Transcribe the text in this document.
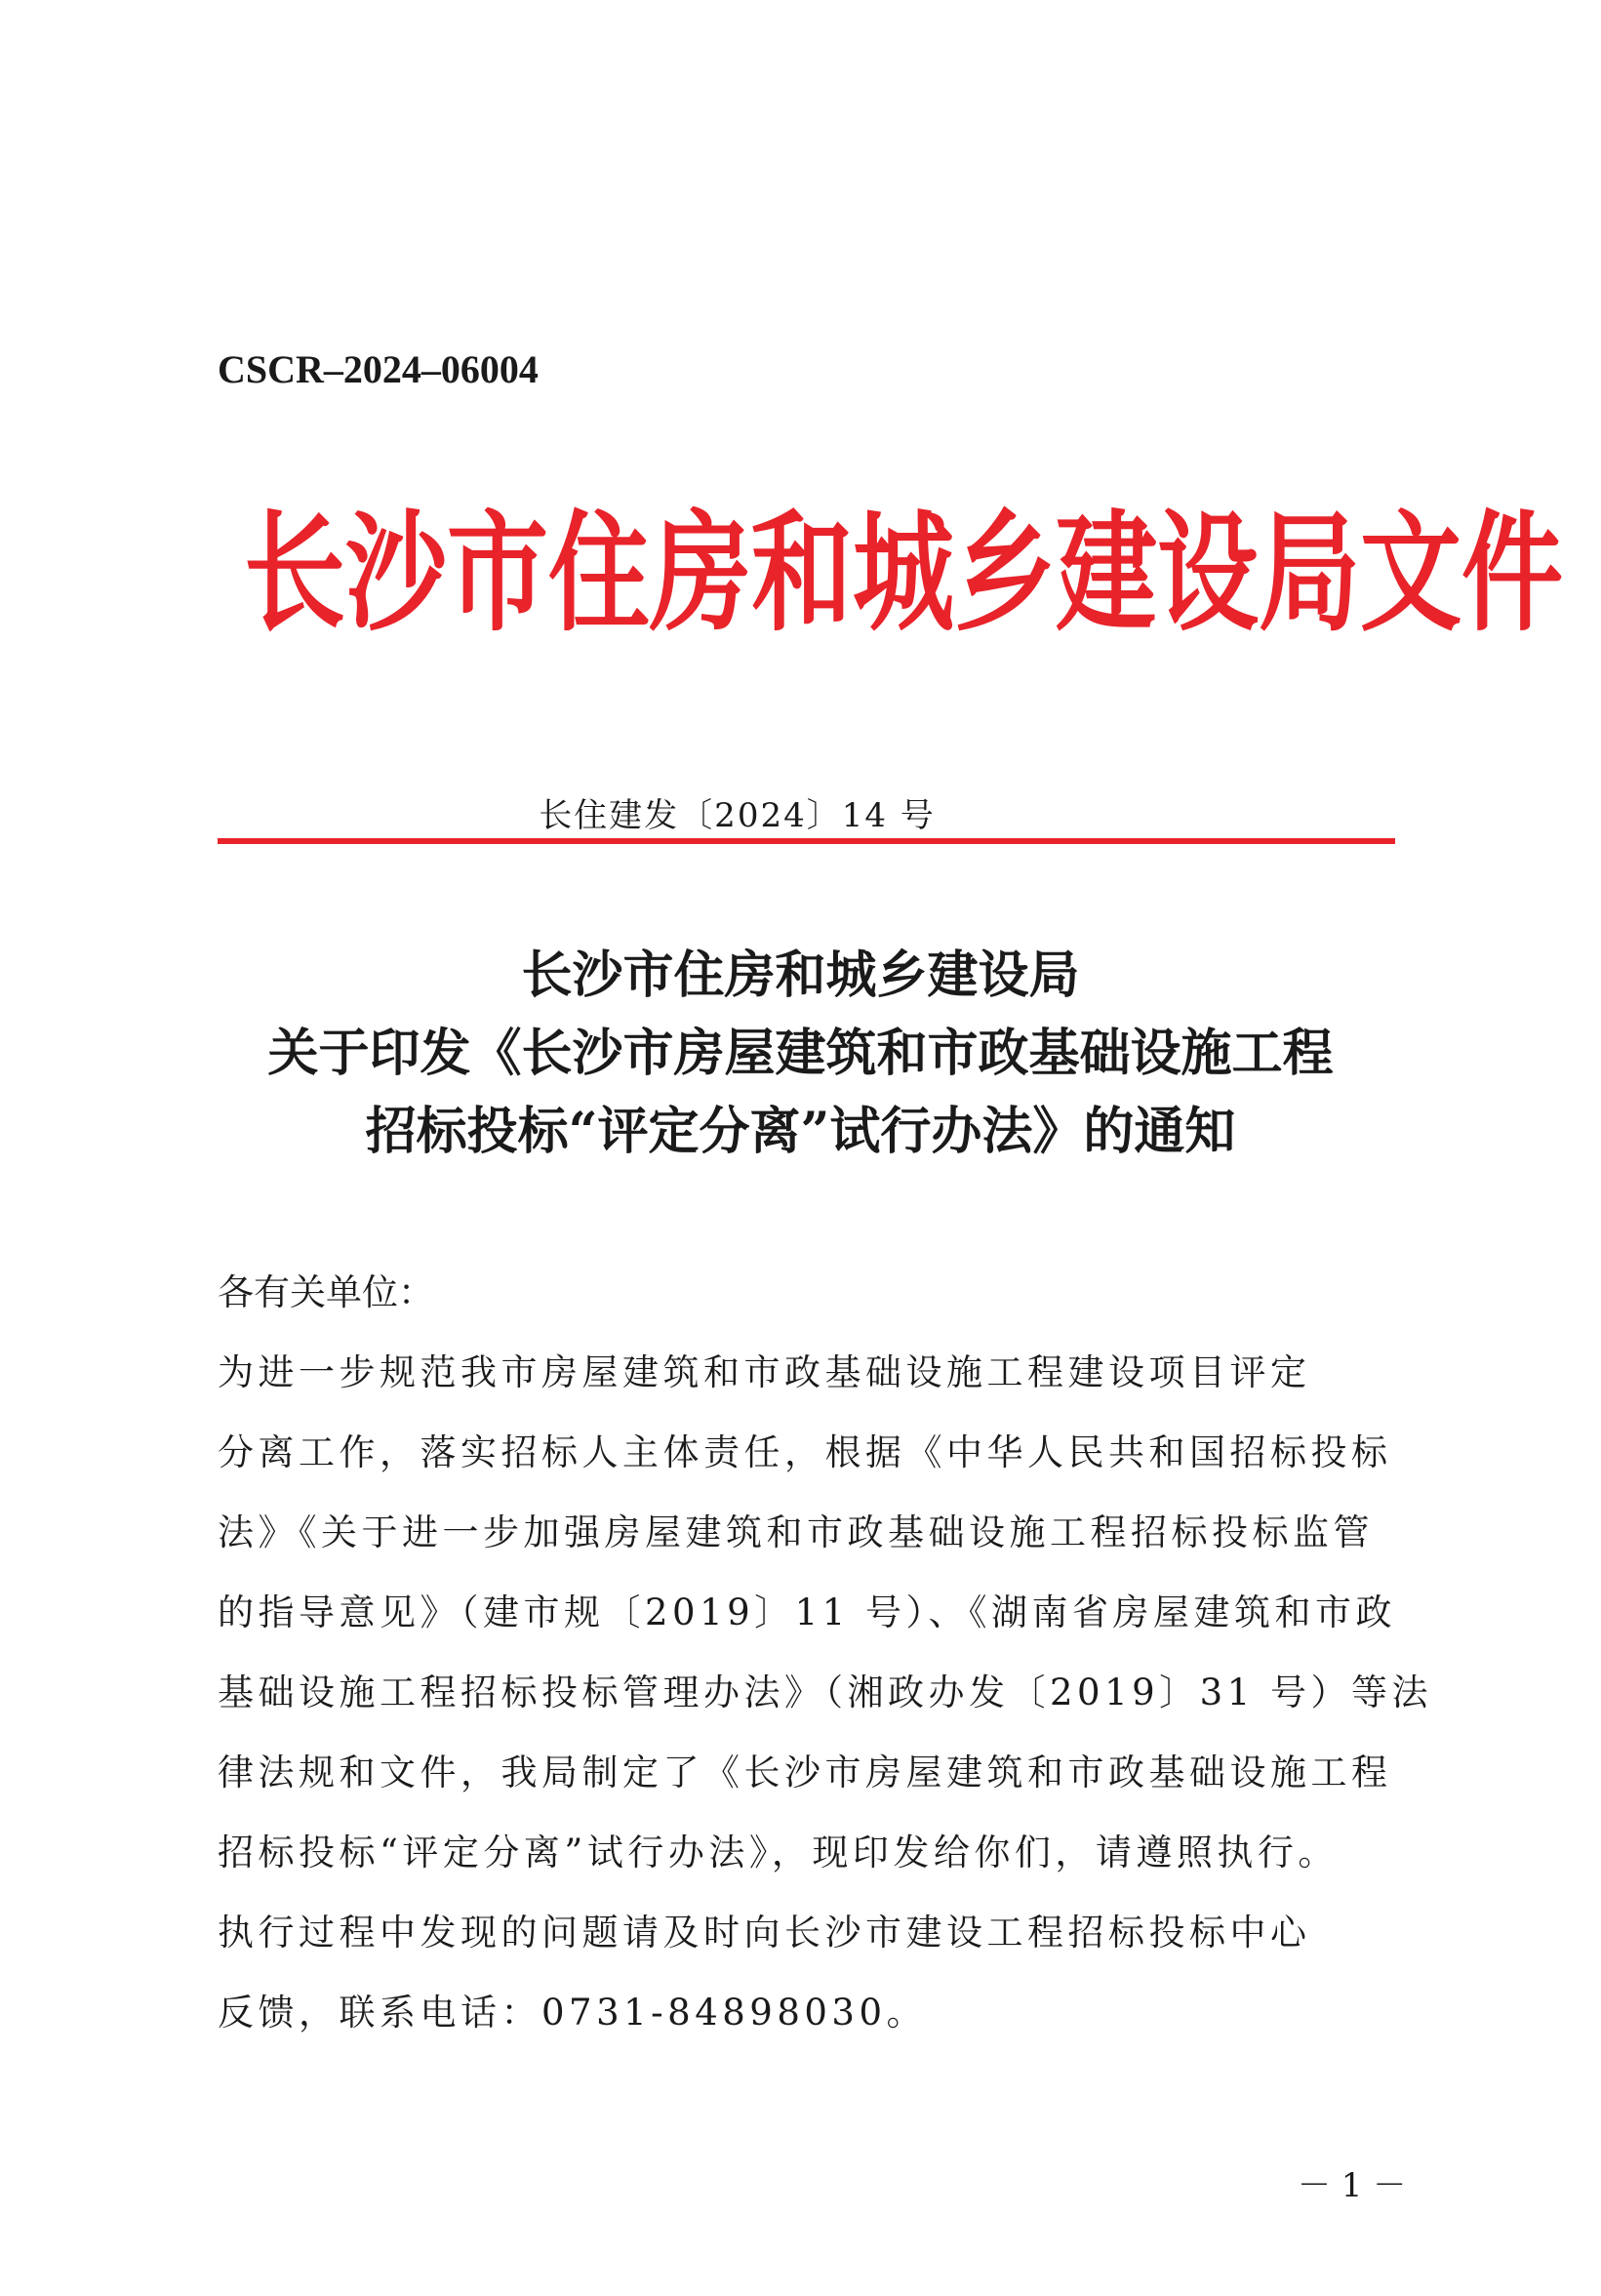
CSCR–2024–06004
长沙市住房和城乡建设局文件
长住建发〔2024〕14 号
长沙市住房和城乡建设局
关于印发《长沙市房屋建筑和市政基础设施工程
招标投标“评定分离”试行办法》的通知
各有关单位：
为进一步规范我市房屋建筑和市政基础设施工程建设项目评定
分离工作，落实招标人主体责任，根据《中华人民共和国招标投标
法》《关于进一步加强房屋建筑和市政基础设施工程招标投标监管
的指导意见》（建市规〔2019〕11 号）、《湖南省房屋建筑和市政
基础设施工程招标投标管理办法》（湘政办发〔2019〕31 号）等法
律法规和文件，我局制定了《长沙市房屋建筑和市政基础设施工程
招标投标“评定分离”试行办法》，现印发给你们，请遵照执行。
执行过程中发现的问题请及时向长沙市建设工程招标投标中心
反馈，联系电话：0731-84898030。
－ 1 －
